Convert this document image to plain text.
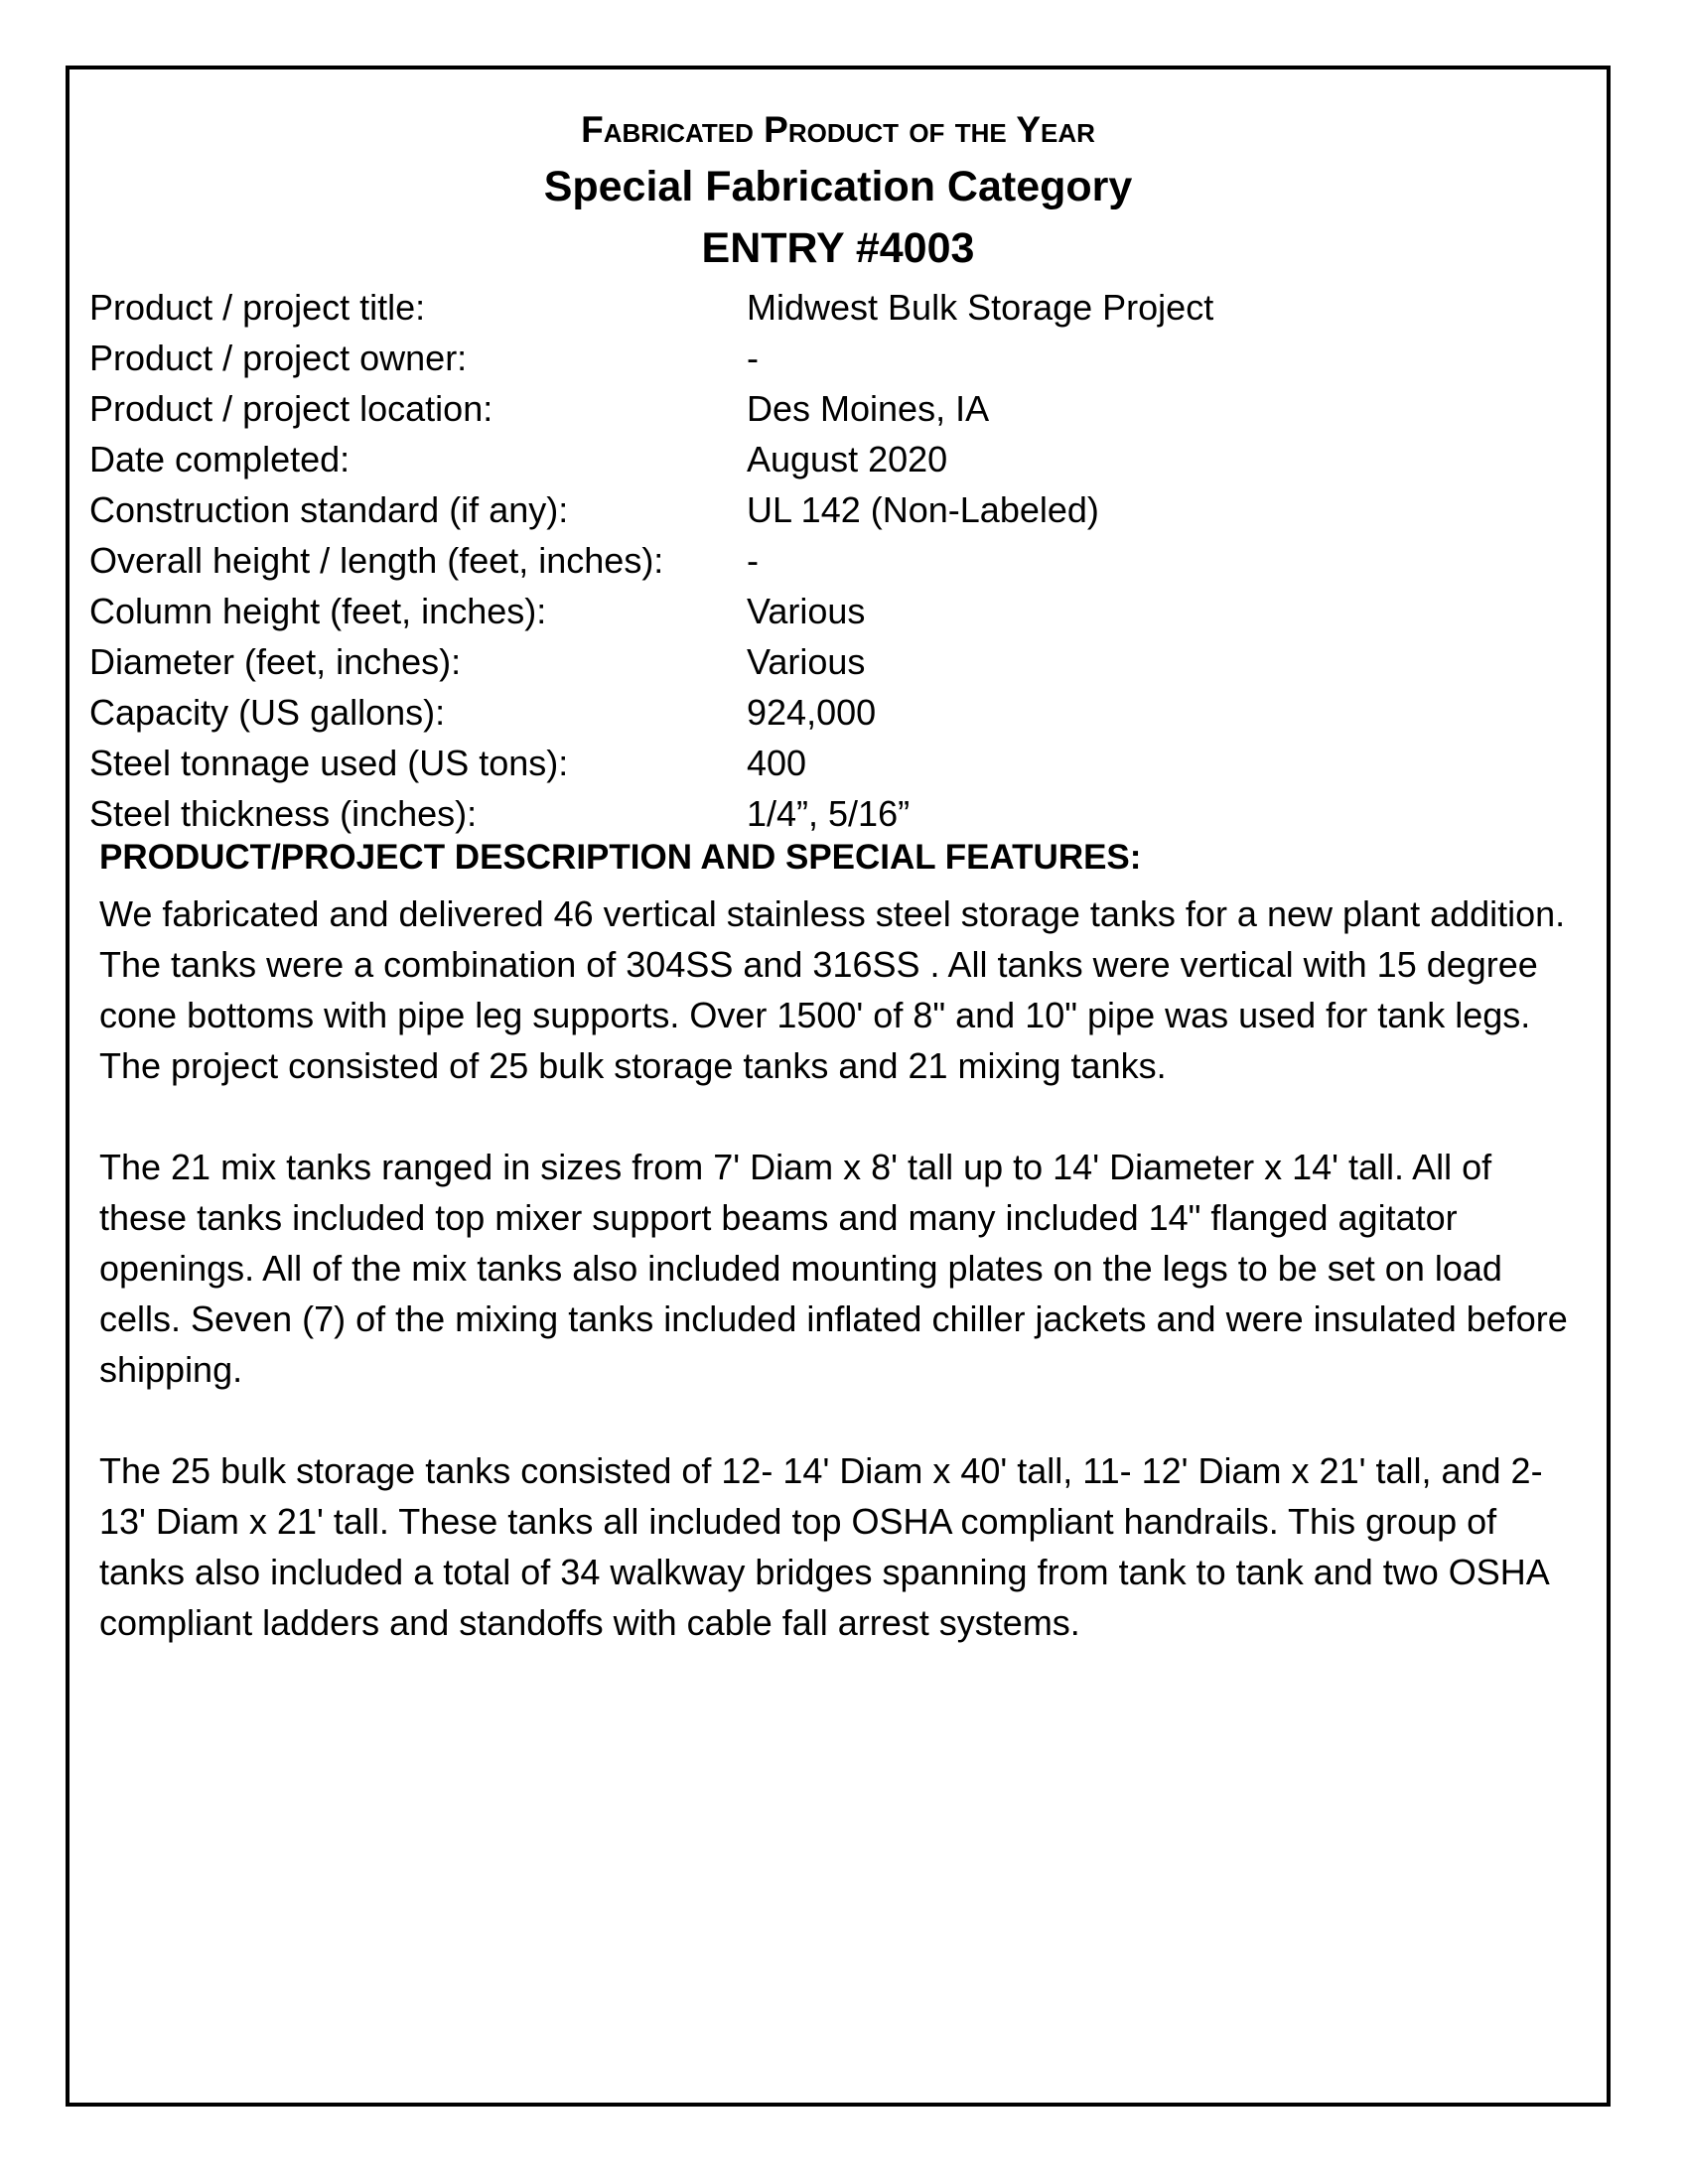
Fabricated Product of the Year
Special Fabrication Category
ENTRY #4003
Product / project title:	Midwest Bulk Storage Project
Product / project owner:	-
Product / project location:	Des Moines, IA
Date completed:	August 2020
Construction standard (if any):	UL 142 (Non-Labeled)
Overall height / length (feet, inches): -
Column height (feet, inches):	Various
Diameter (feet, inches):	Various
Capacity (US gallons):	924,000
Steel tonnage used (US tons):	400
Steel thickness (inches):	1/4”, 5/16”
PRODUCT/PROJECT DESCRIPTION AND SPECIAL FEATURES:

We fabricated and delivered 46 vertical stainless steel storage tanks for a new plant addition. The tanks were a combination of 304SS and 316SS . All tanks were vertical with 15 degree cone bottoms with pipe leg supports. Over 1500' of 8" and 10" pipe was used for tank legs. The project consisted of 25 bulk storage tanks and 21 mixing tanks.

The 21 mix tanks ranged in sizes from 7' Diam x 8' tall up to 14' Diameter x 14' tall. All of these tanks included top mixer support beams and many included 14" flanged agitator openings. All of the mix tanks also included mounting plates on the legs to be set on load cells. Seven (7) of the mixing tanks included inflated chiller jackets and were insulated before shipping.

The 25 bulk storage tanks consisted of 12- 14' Diam x 40' tall, 11- 12' Diam x 21' tall, and 2-13' Diam x 21' tall. These tanks all included top OSHA compliant handrails. This group of tanks also included a total of 34 walkway bridges spanning from tank to tank and two OSHA compliant ladders and standoffs with cable fall arrest systems.
